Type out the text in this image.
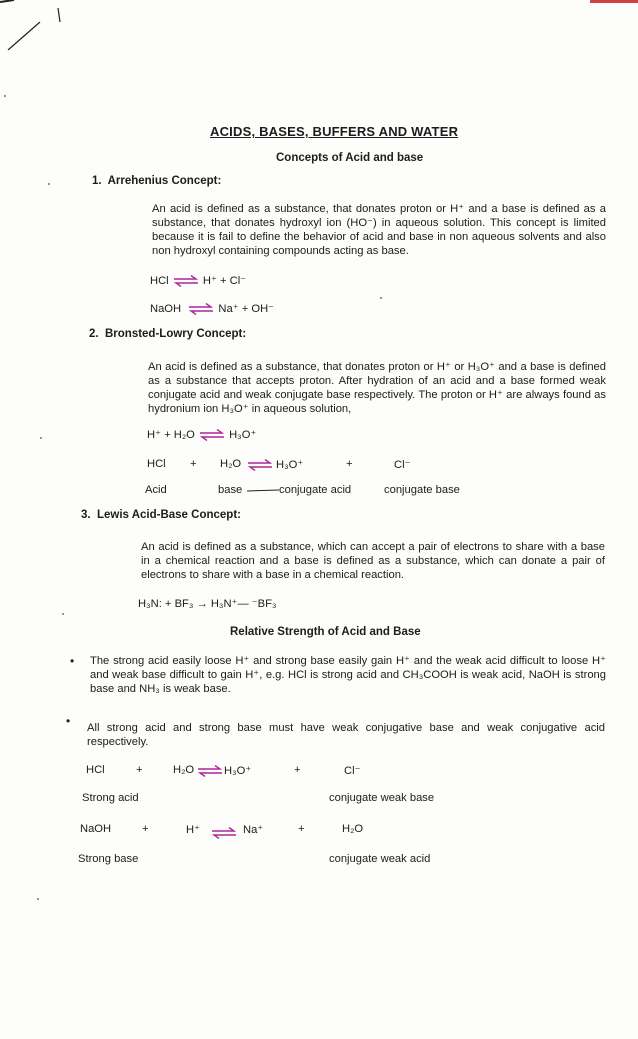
ACIDS, BASES, BUFFERS AND WATER
Concepts of Acid and base
1. Arrehenius Concept:
An acid is defined as a substance, that donates proton or H⁺ and a base is defined as a substance, that donates hydroxyl ion (HO⁻) in aqueous solution. This concept is limited because it is fail to define the behavior of acid and base in non aqueous solvents and also non hydroxyl containing compounds acting as base.
HCl ⇌ H⁺ + Cl⁻
NaOH ⇌ Na⁺ + OH⁻
2. Bronsted-Lowry Concept:
An acid is defined as a substance, that donates proton or H⁺ or H₃O⁺ and a base is defined as a substance that accepts proton. After hydration of an acid and a base formed weak conjugate acid and weak conjugate base respectively. The proton or H⁺ are always found as hydronium ion H₃O⁺ in aqueous solution,
H⁺ + H₂O ⇌ H₃O⁺
HCl + H₂O ⇌ H₃O⁺	+	Cl⁻
Acid	base	conjugate acid	conjugate base
3. Lewis Acid-Base Concept:
An acid is defined as a substance, which can accept a pair of electrons to share with a base in a chemical reaction and a base is defined as a substance, which can donate a pair of electrons to share with a base in a chemical reaction.
H₃N: + BF₃ → H₃N⁺— ⁻BF₃
Relative Strength of Acid and Base
• The strong acid easily loose H⁺ and strong base easily gain H⁺ and the weak acid difficult to loose H⁺ and weak base difficult to gain H⁺, e.g. HCl is strong acid and CH₃COOH is weak acid, NaOH is strong base and NH₃ is weak base.
• All strong acid and strong base must have weak conjugative base and weak conjugative acid respectively.
HCl	+	H₂O ⇌ H₃O⁺	+	Cl⁻
Strong acid	conjugate weak base
NaOH	+	H⁺ ⇌ Na⁺	+	H₂O
Strong base	conjugate weak acid
